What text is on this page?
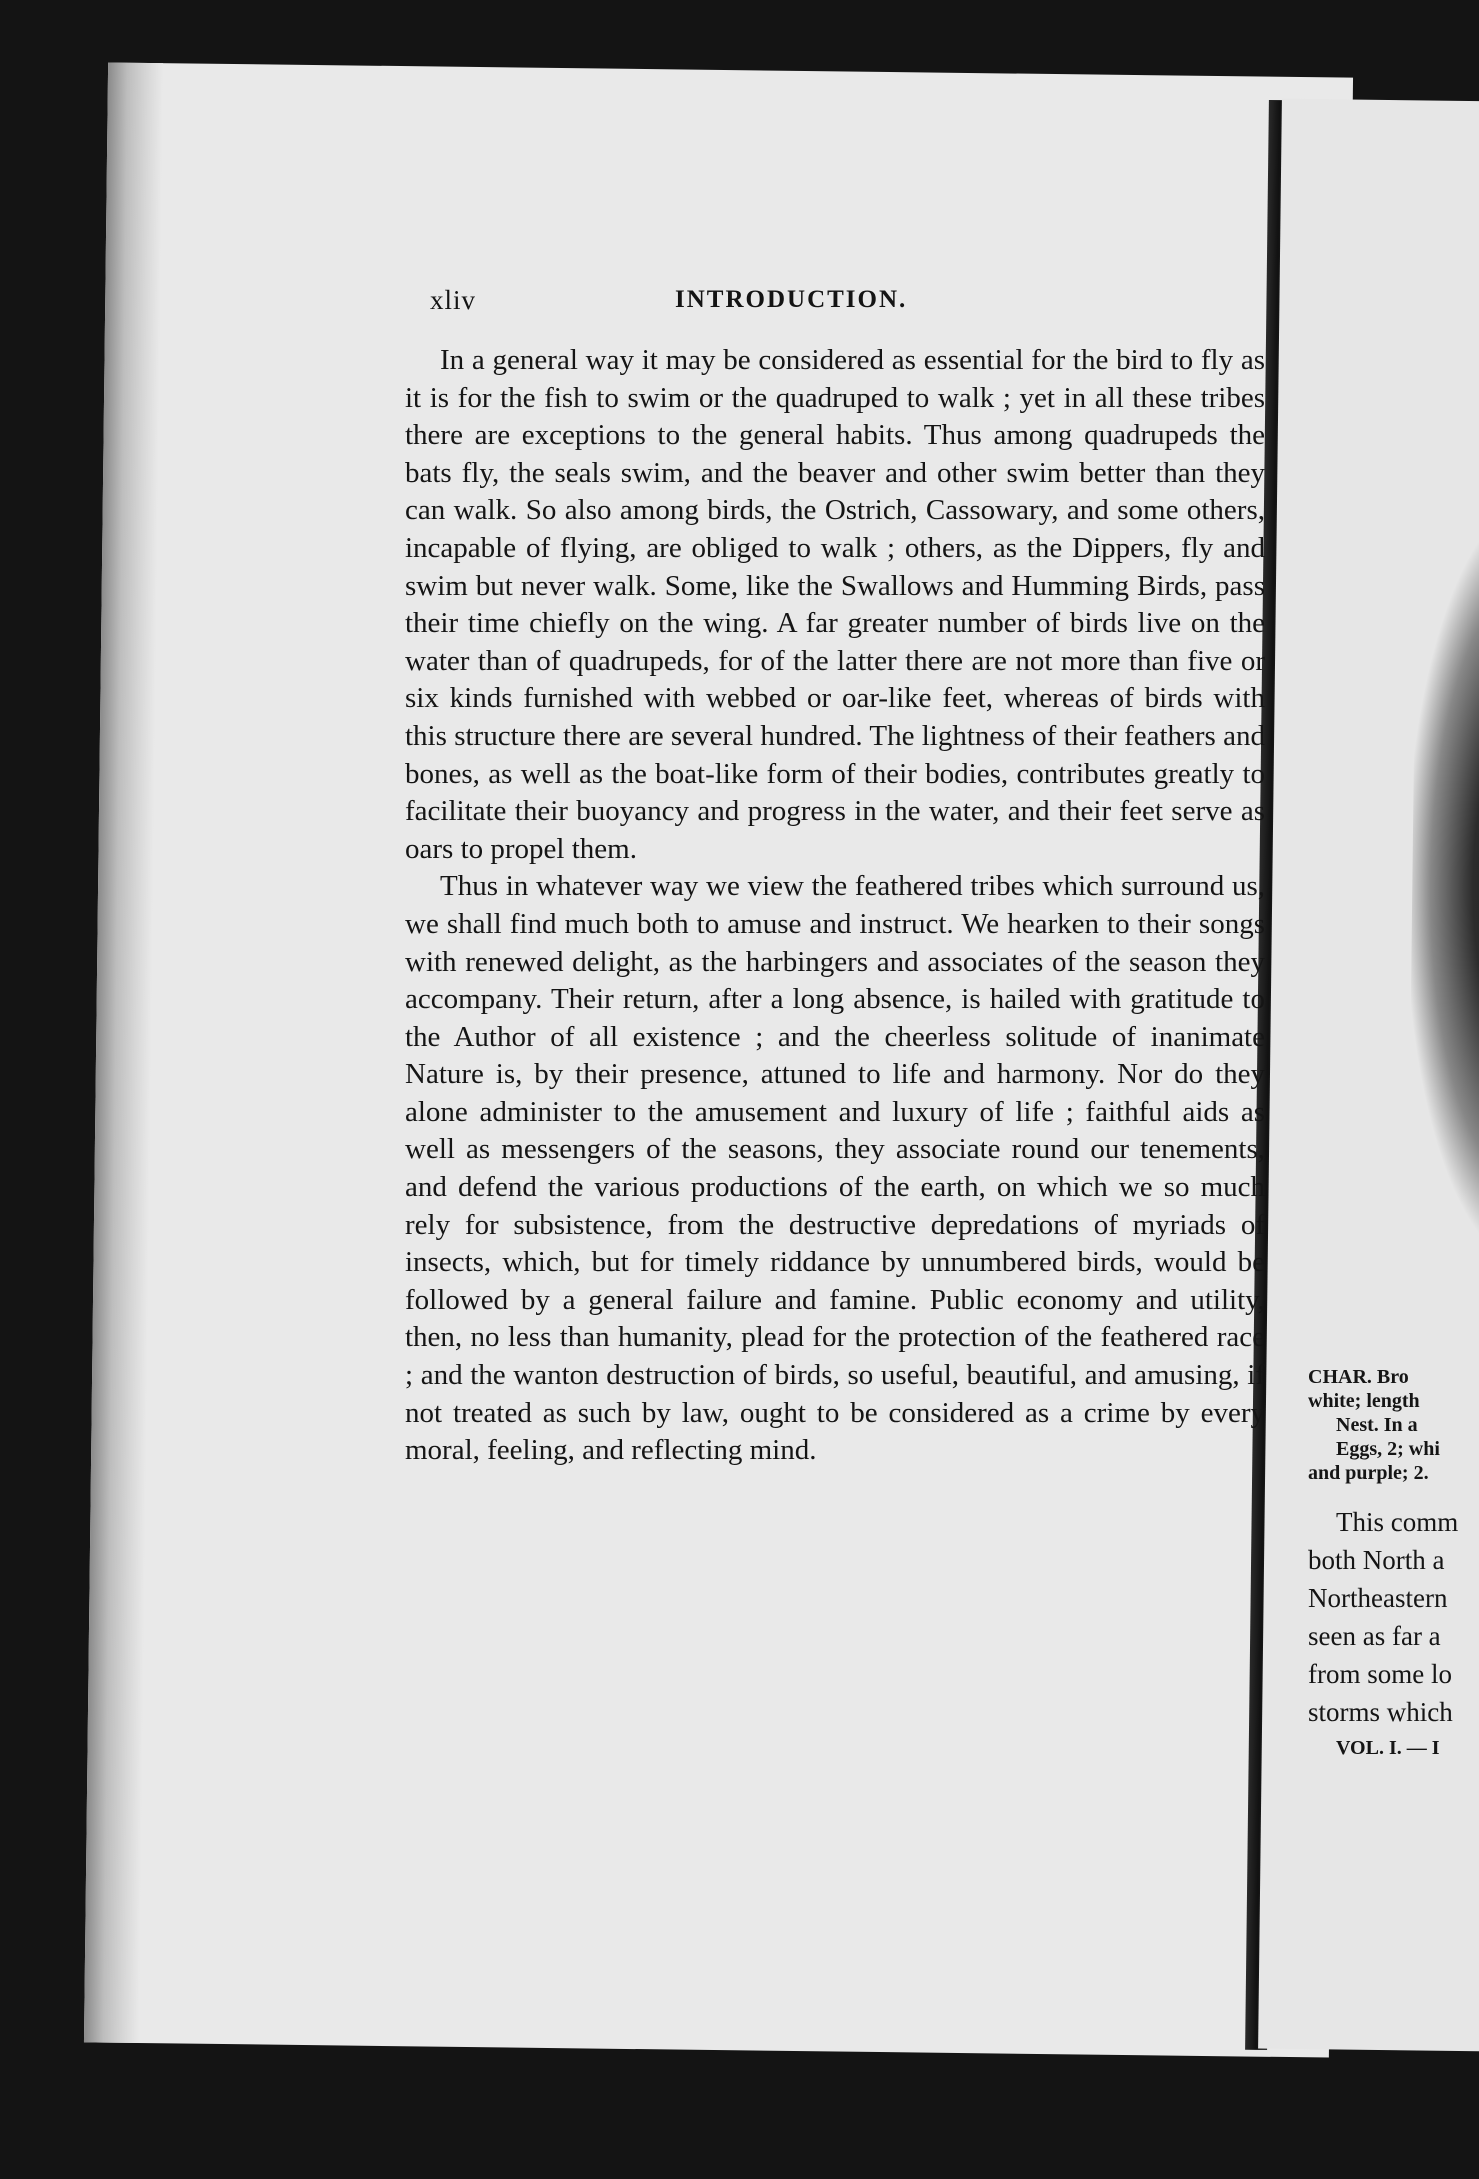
xliv	INTRODUCTION.

In a general way it may be considered as essential for the bird to fly as it is for the fish to swim or the quadruped to walk ; yet in all these tribes there are exceptions to the general habits. Thus among quadrupeds the bats fly, the seals swim, and the beaver and other swim better than they can walk. So also among birds, the Ostrich, Cassowary, and some others, incapable of flying, are obliged to walk ; others, as the Dippers, fly and swim but never walk. Some, like the Swallows and Humming Birds, pass their time chiefly on the wing. A far greater number of birds live on the water than of quadrupeds, for of the latter there are not more than five or six kinds furnished with webbed or oar-like feet, whereas of birds with this structure there are several hundred. The lightness of their feathers and bones, as well as the boat-like form of their bodies, contributes greatly to facilitate their buoyancy and progress in the water, and their feet serve as oars to propel them.

Thus in whatever way we view the feathered tribes which surround us, we shall find much both to amuse and instruct. We hearken to their songs with renewed delight, as the harbingers and associates of the season they accompany. Their return, after a long absence, is hailed with gratitude to the Author of all existence ; and the cheerless solitude of inanimate Nature is, by their presence, attuned to life and harmony. Nor do they alone administer to the amusement and luxury of life ; faithful aids as well as messengers of the seasons, they associate round our tenements, and defend the various productions of the earth, on which we so much rely for subsistence, from the destructive depredations of myriads of insects, which, but for timely riddance by unnumbered birds, would be followed by a general failure and famine. Public economy and utility, then, no less than humanity, plead for the protection of the feathered race ; and the wanton destruction of birds, so useful, beautiful, and amusing, if not treated as such by law, ought to be considered as a crime by every moral, feeling, and reflecting mind.

CHAR. Bro
white; length
Nest. In a
Eggs, 2; whi
and purple; 2.
This comm
both North a
Northeastern
seen as far a
from some lo
storms which
VOL. I. — I
